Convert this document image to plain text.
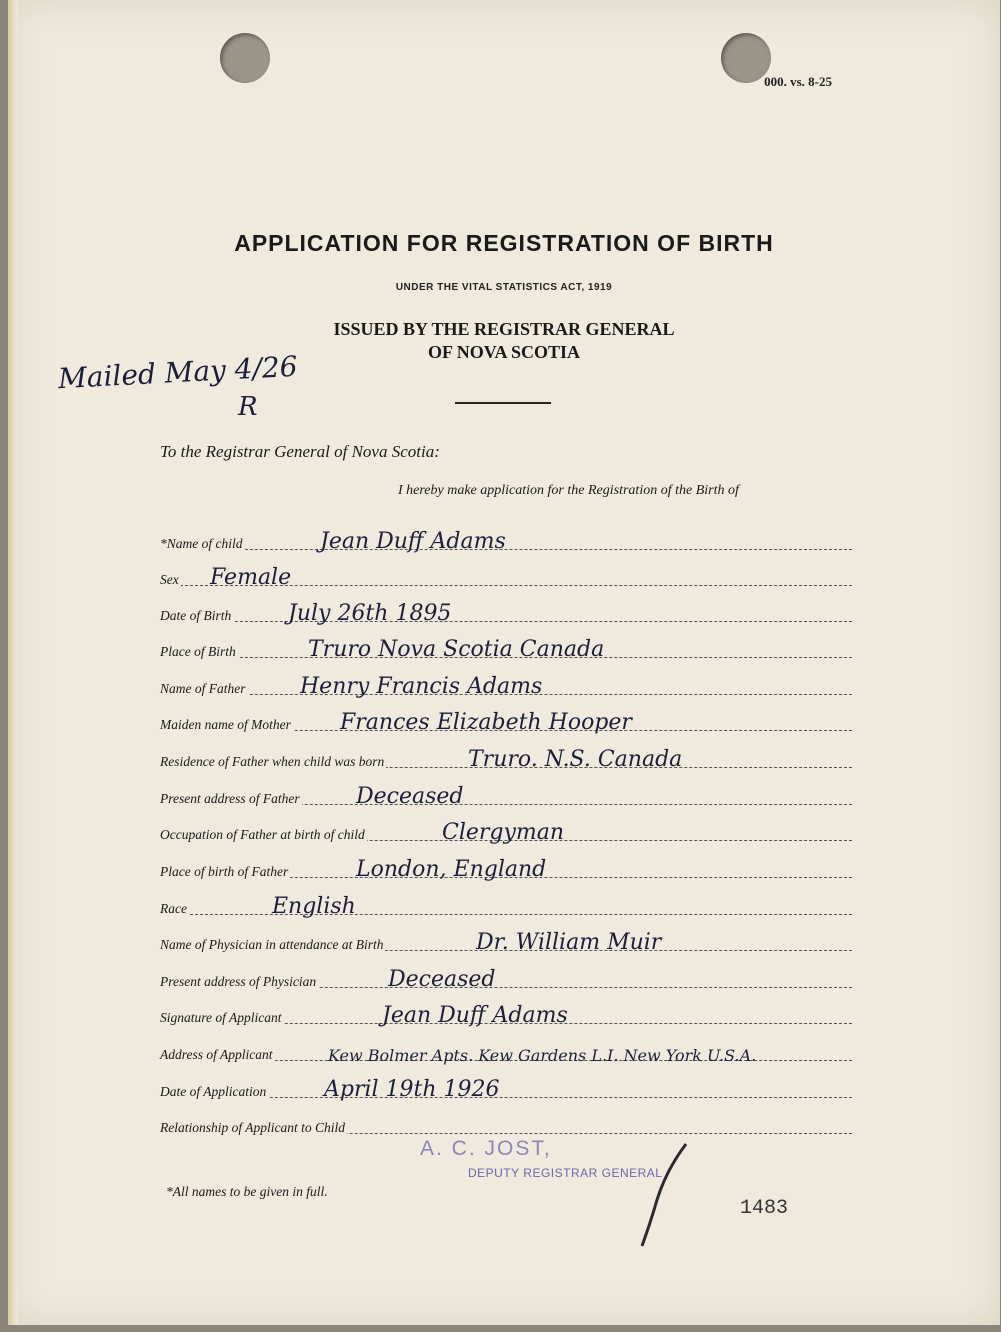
000. vs. 8-25
APPLICATION FOR REGISTRATION OF BIRTH
UNDER THE VITAL STATISTICS ACT, 1919
ISSUED BY THE REGISTRAR GENERAL
OF NOVA SCOTIA
Mailed May 4/26
R
To the Registrar General of Nova Scotia:
I hereby make application for the Registration of the Birth of
*Name of child	Jean Duff Adams
Sex Female
Date of Birth	July 26th 1895
Place of Birth	Truro Nova Scotia Canada
Name of Father Henry Francis Adams
Maiden name of Mother Frances Elizabeth Hooper
Residence of Father when child was born	Truro. N.S. Canada
Present address of Father	Deceased
Occupation of Father at birth of child	Clergyman
Place of birth of Father	London, England
Race	English
Name of Physician in attendance at Birth	Dr. William Muir
Present address of Physician	Deceased
Signature of Applicant	Jean Duff Adams
Address of Applicant	Kew Bolmer Apts. Kew Gardens L.I. New York U.S.A.
Date of Application	April 19th 1926
Relationship of Applicant to Child
A. C. JOST,
DEPUTY REGISTRAR GENERAL
*All names to be given in full.
1483
